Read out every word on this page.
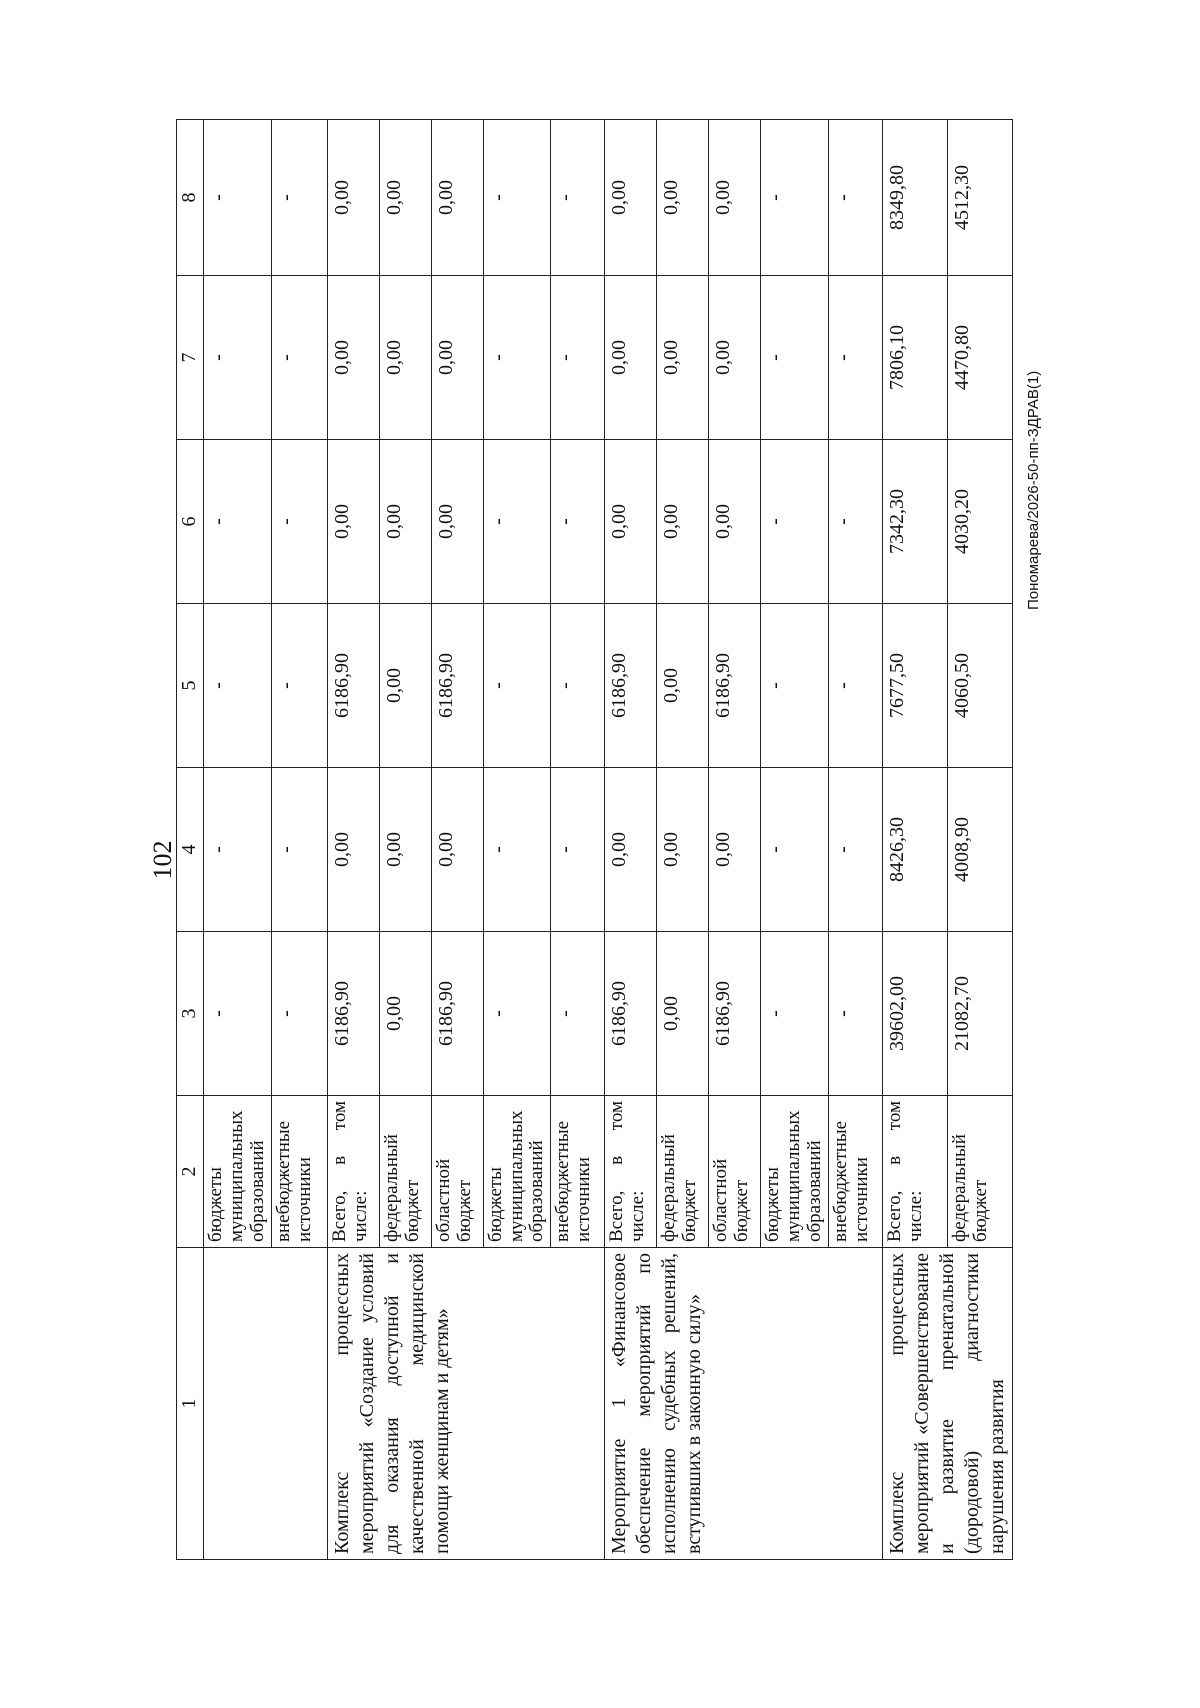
102
1	2	3	4	5	6	7	8
	бюджеты муниципальных образований	-	-	-	-	-	-
	внебюджетные источники	-	-	-	-	-	-
Комплекс процессных мероприятий «Создание условий для оказания доступной и качественной медицинской помощи женщинам и детям»	Всего, в том числе:	6186,90	0,00	6186,90	0,00	0,00	0,00
	федеральный бюджет	0,00	0,00	0,00	0,00	0,00	0,00
	областной бюджет	6186,90	0,00	6186,90	0,00	0,00	0,00
	бюджеты муниципальных образований	-	-	-	-	-	-
	внебюджетные источники	-	-	-	-	-	-
Мероприятие 1 «Финансовое обеспечение мероприятий по исполнению судебных решений, вступивших в законную силу»	Всего, в том числе:	6186,90	0,00	6186,90	0,00	0,00	0,00
	федеральный бюджет	0,00	0,00	0,00	0,00	0,00	0,00
	областной бюджет	6186,90	0,00	6186,90	0,00	0,00	0,00
	бюджеты муниципальных образований	-	-	-	-	-	-
	внебюджетные источники	-	-	-	-	-	-
Комплекс процессных мероприятий «Совершенствование и развитие пренатальной (дородовой) диагностики нарушения развития	Всего, в том числе:	39602,00	8426,30	7677,50	7342,30	7806,10	8349,80
	федеральный бюджет	21082,70	4008,90	4060,50	4030,20	4470,80	4512,30
Пономарева/2026-50-пп-ЗДРАВ(1)
